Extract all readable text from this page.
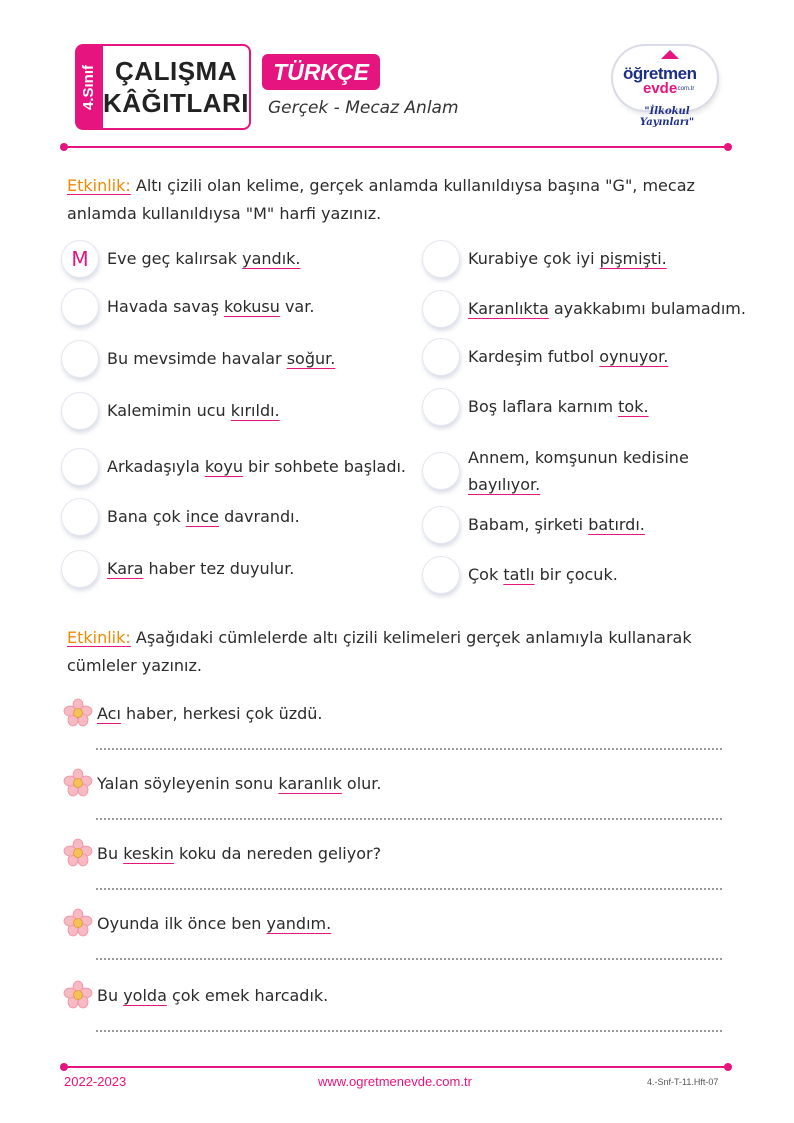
4.Sınıf ÇALIŞMA
KÂĞITLARI
TÜRKÇE
Gerçek - Mecaz Anlam
öğretmen
evde
.com.tr
"İlkokul Yayınları"
Etkinlik: Altı çizili olan kelime, gerçek anlamda kullanıldıysa başına "G", mecaz anlamda kullanıldıysa "M" harfi yazınız.
M	Eve geç kalırsak yandık.
Havada savaş kokusu var.
Bu mevsimde havalar soğur.
Kalemimin ucu kırıldı.
Arkadaşıyla koyu bir sohbete başladı.
Bana çok ince davrandı.
Kara haber tez duyulur.
Kurabiye çok iyi pişmişti.
Karanlıkta ayakkabımı bulamadım.
Kardeşim futbol oynuyor.
Boş laflara karnım tok.
Annem, komşunun kedisine
bayılıyor.
Babam, şirketi batırdı.
Çok tatlı bir çocuk.
Etkinlik: Aşağıdaki cümlelerde altı çizili kelimeleri gerçek anlamıyla kullanarak cümleler yazınız.
Acı haber, herkesi çok üzdü.
Yalan söyleyenin sonu karanlık olur.
Bu keskin koku da nereden geliyor?
Oyunda ilk önce ben yandım.
Bu yolda çok emek harcadık.
2022-2023	www.ogretmenevde.com.tr	4.-Snf-T-11.Hft-07
